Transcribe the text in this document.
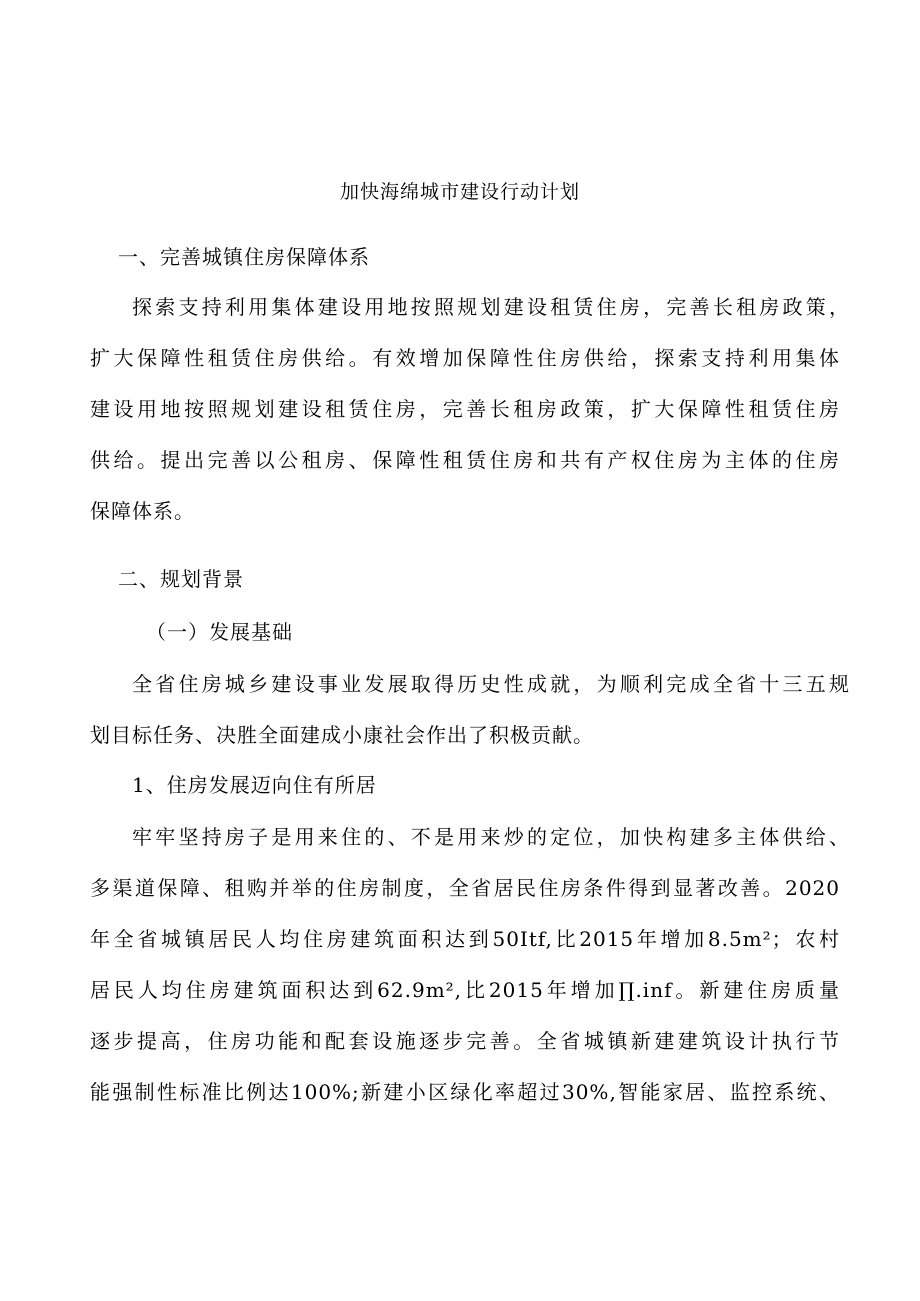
加快海绵城市建设行动计划
一、完善城镇住房保障体系
探索支持利用集体建设用地按照规划建设租赁住房，完善长租房政策，
扩大保障性租赁住房供给。有效增加保障性住房供给，探索支持利用集体
建设用地按照规划建设租赁住房，完善长租房政策，扩大保障性租赁住房
供给。提出完善以公租房、保障性租赁住房和共有产权住房为主体的住房
保障体系。
二、规划背景
（一）发展基础
全省住房城乡建设事业发展取得历史性成就，为顺利完成全省十三五规
划目标任务、决胜全面建成小康社会作出了积极贡献。
1、住房发展迈向住有所居
牢牢坚持房子是用来住的、不是用来炒的定位，加快构建多主体供给、
多渠道保障、租购并举的住房制度，全省居民住房条件得到显著改善。2020
年全省城镇居民人均住房建筑面积达到50Itf,比2015年增加8.5m²；农村
居民人均住房建筑面积达到62.9m²,比2015年增加∏.inf。新建住房质量
逐步提高，住房功能和配套设施逐步完善。全省城镇新建建筑设计执行节
能强制性标准比例达100%;新建小区绿化率超过30%,智能家居、监控系统、
